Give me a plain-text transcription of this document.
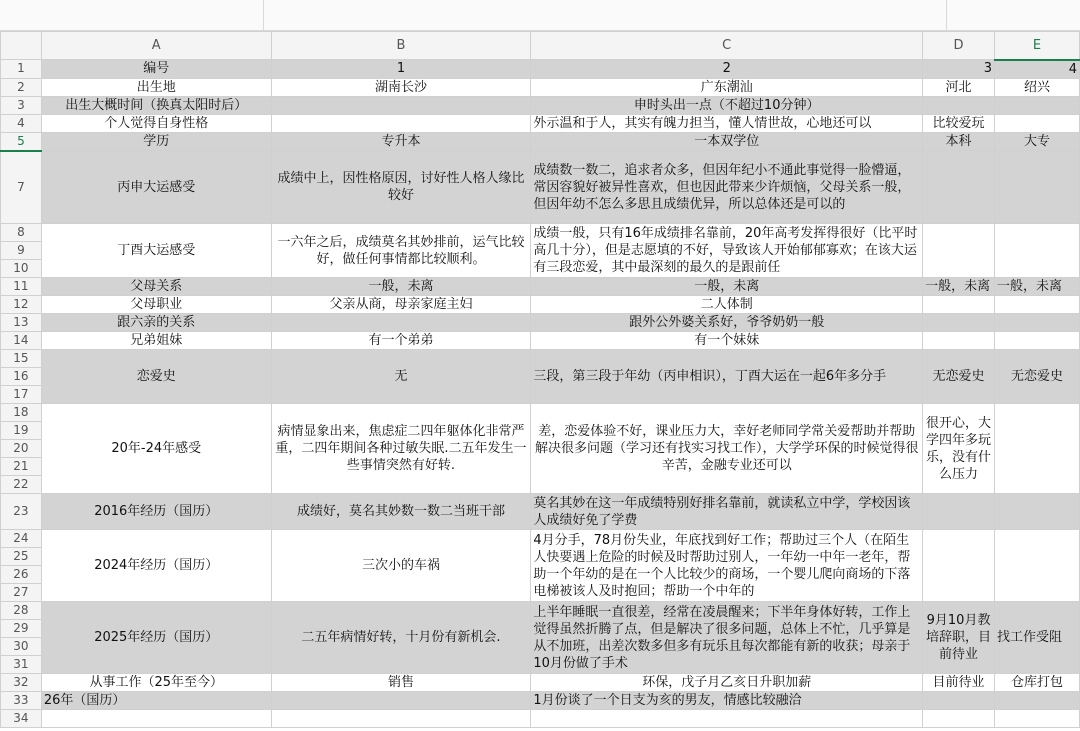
	A	B	C	D	E
1	编号	1	2	3	4
2	出生地	湖南长沙	广东潮汕	河北	绍兴
3	出生大概时间（换真太阳时后）		申时头出一点（不超过10分钟）		
4	个人觉得自身性格		外示温和于人，其实有魄力担当，懂人情世故，心地还可以	比较爱玩	
5	学历	专升本	一本双学位	本科	大专
7	丙申大运感受	成绩中上，因性格原因，讨好性人格人缘比较好	成绩数一数二，追求者众多，但因年纪小不通此事觉得一脸懵逼，常因容貌好被异性喜欢，但也因此带来少许烦恼，父母关系一般，但因年幼不怎么多思且成绩优异，所以总体还是可以的		
8	丁酉大运感受	一六年之后，成绩莫名其妙排前，运气比较好，做任何事情都比较顺利。	成绩一般，只有16年成绩排名靠前，20年高考发挥得很好（比平时高几十分），但是志愿填的不好，导致该人开始郁郁寡欢；在该大运有三段恋爱，其中最深刻的最久的是跟前任		

9					
10					
11	父母关系	一般，未离	一般，未离	一般，未离	一般，未离
12	父母职业	父亲从商，母亲家庭主妇	二人体制		
13	跟六亲的关系		跟外公外婆关系好，爷爷奶奶一般		
14	兄弟姐妹	有一个弟弟	有一个妹妹		
15	恋爱史	无	三段，第三段于年幼（丙申相识），丁酉大运在一起6年多分手	无恋爱史	无恋爱史
16					
17					
18	20年-24年感受	病情显象出来，焦虑症二四年躯体化非常严重，二四年期间各种过敏失眠.二五年发生一些事情突然有好转.	差，恋爱体验不好，课业压力大，幸好老师同学常关爱帮助并帮助解决很多问题（学习还有找实习找工作），大学学环保的时候觉得很辛苦，金融专业还可以	很开心，大学四年多玩乐，没有什么压力	
19					
20					
21					
22					
23	2016年经历（国历）	成绩好，莫名其妙数一数二当班干部	莫名其妙在这一年成绩特别好排名靠前，就读私立中学，学校因该人成绩好免了学费		
24	2024年经历（国历）	三次小的车祸	4月分手，78月份失业，年底找到好工作；帮助过三个人（在陌生人快要遇上危险的时候及时帮助过别人，一年幼一中年一老年，帮助一个年幼的是在一个人比较少的商场，一个婴儿爬向商场的下落电梯被该人及时抱回；帮助一个中年的		

25					
26					
27					
28	2025年经历（国历）	二五年病情好转，十月份有新机会.	上半年睡眠一直很差，经常在凌晨醒来；下半年身体好转，工作上觉得虽然折腾了点，但是解决了很多问题，总体上不忙，几乎算是从不加班，出差次数多但多有玩乐且每次都能有新的收获；母亲于10月份做了手术	9月10月教培辞职，目前待业	找工作受阻
29					
30					
31					
32	从事工作（25年至今）	销售	环保，戊子月乙亥日升职加薪	目前待业	仓库打包
33	26年（国历）		1月份谈了一个日支为亥的男友，情感比较融洽		
34					
